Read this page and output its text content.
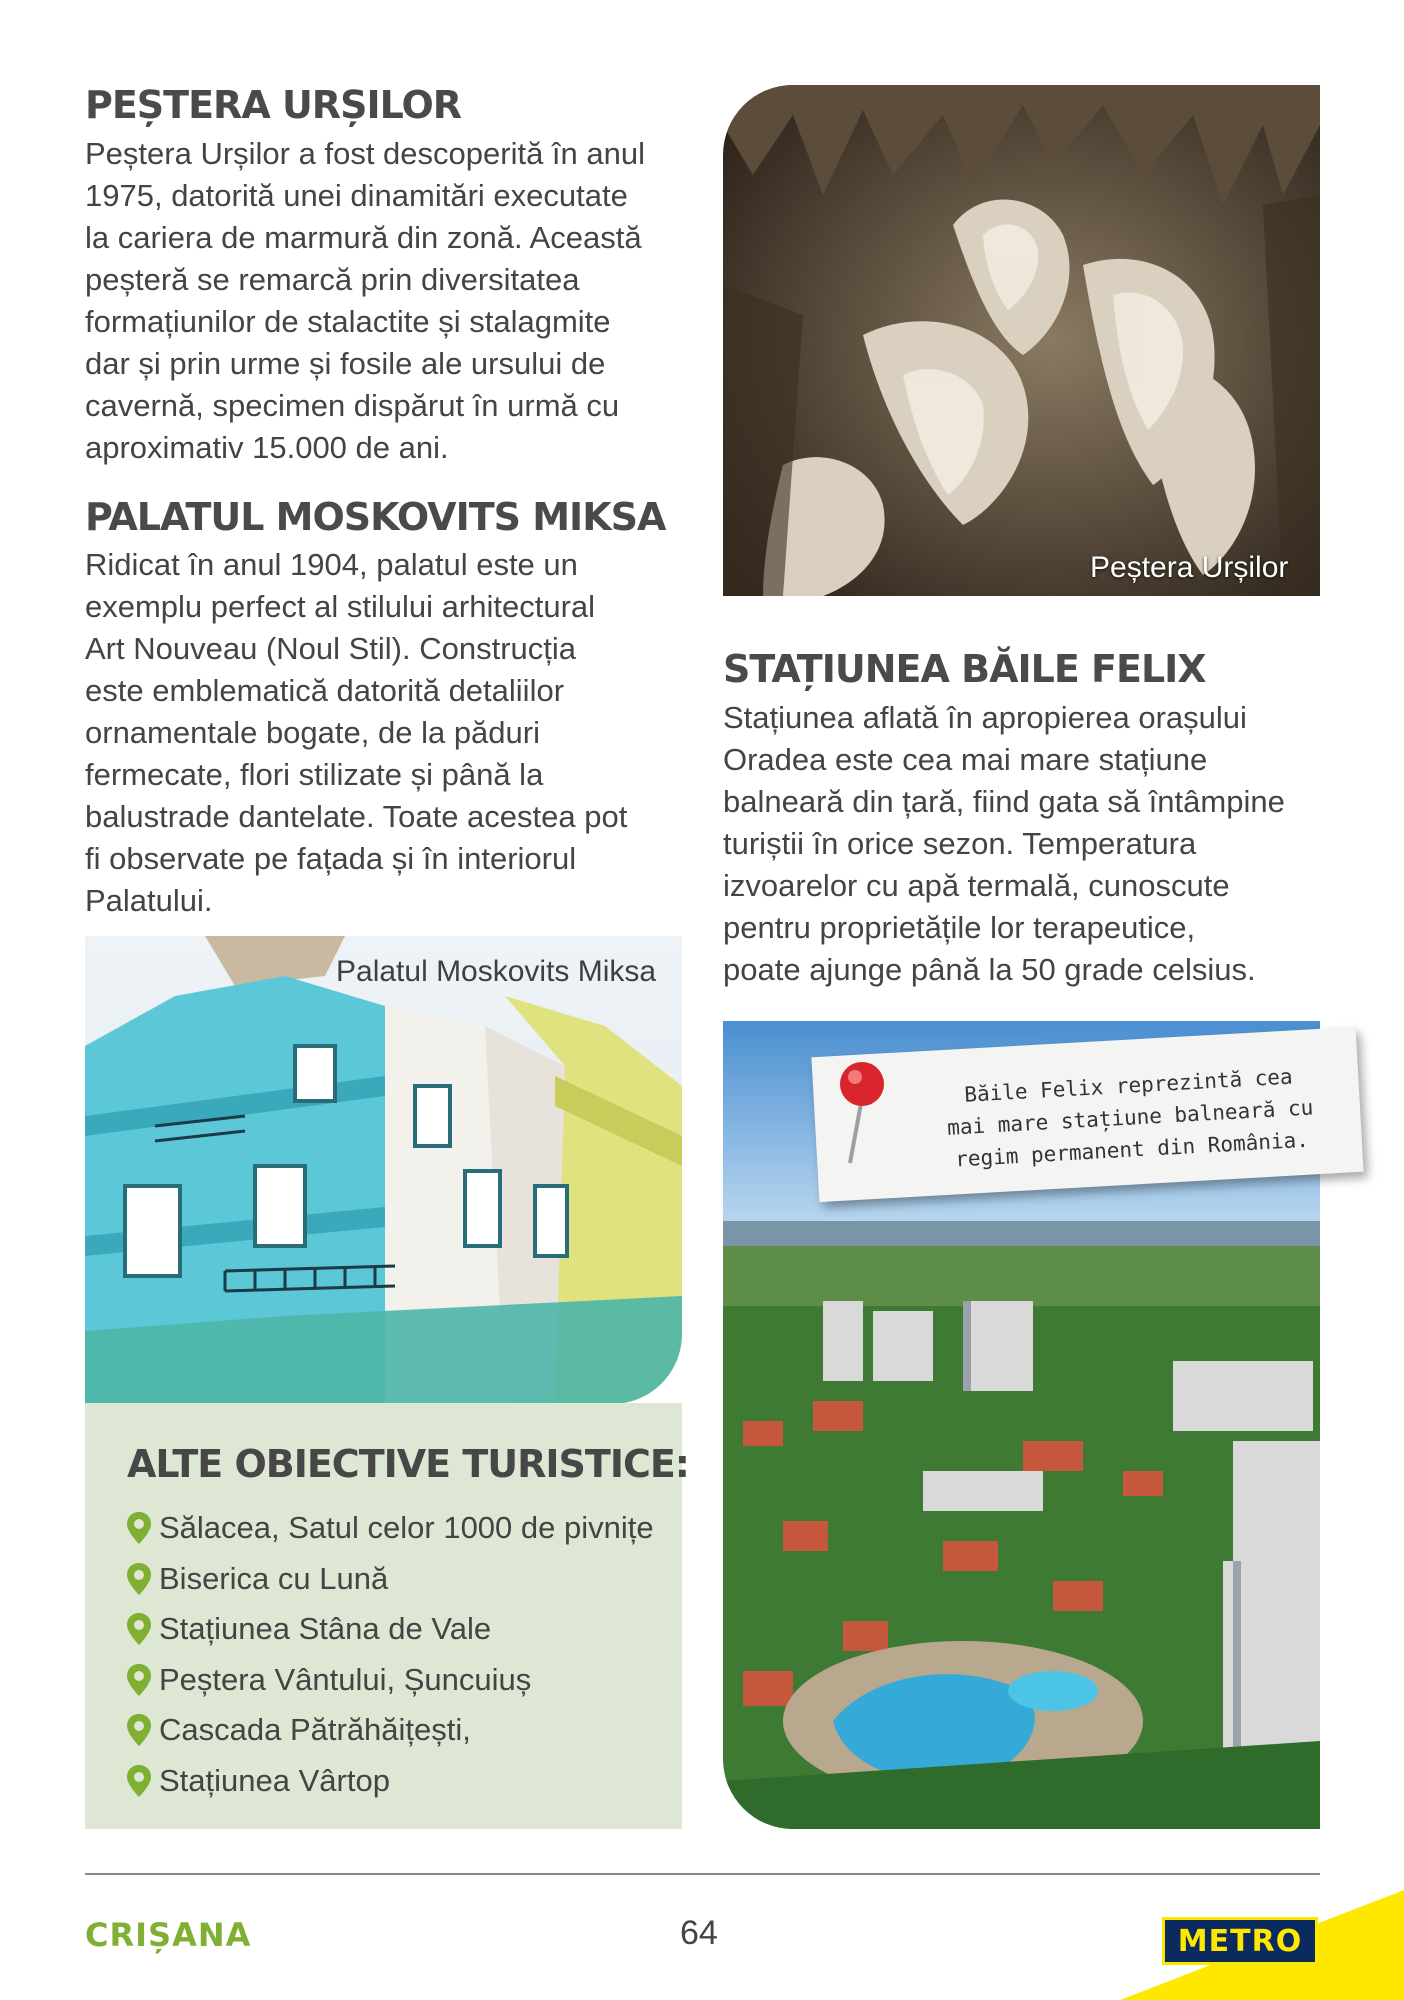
PEȘTERA URȘILOR
Peștera Urșilor a fost descoperită în anul
1975, datorită unei dinamitări executate
la cariera de marmură din zonă. Această
peșteră se remarcă prin diversitatea
formațiunilor de stalactite și stalagmite
dar și prin urme și fosile ale ursului de
cavernă, specimen dispărut în urmă cu
aproximativ 15.000 de ani.
PALATUL MOSKOVITS MIKSA
Ridicat în anul 1904, palatul este un
exemplu perfect al stilului arhitectural
Art Nouveau (Noul Stil). Construcția
este emblematică datorită detaliilor
ornamentale bogate, de la păduri
fermecate, flori stilizate și până la
balustrade dantelate. Toate acestea pot
fi observate pe fațada și în interiorul
Palatului.
Palatul Moskovits Miksa
ALTE OBIECTIVE TURISTICE:
Sălacea, Satul celor 1000 de pivnițe
Biserica cu Lună
Stațiunea Stâna de Vale
Peștera Vântului, Șuncuiuș
Cascada Pătrăhăițești,
Stațiunea Vârtop
Peștera Urșilor
STAȚIUNEA BĂILE FELIX
Stațiunea aflată în apropierea orașului
Oradea este cea mai mare stațiune
balneară din țară, fiind gata să întâmpine
turiștii în orice sezon. Temperatura
izvoarelor cu apă termală, cunoscute
pentru proprietățile lor terapeutice,
poate ajunge până la 50 grade celsius.
Băile Felix reprezintă cea
mai mare stațiune balneară cu
regim permanent din România.
CRIȘANA	64	METRO
